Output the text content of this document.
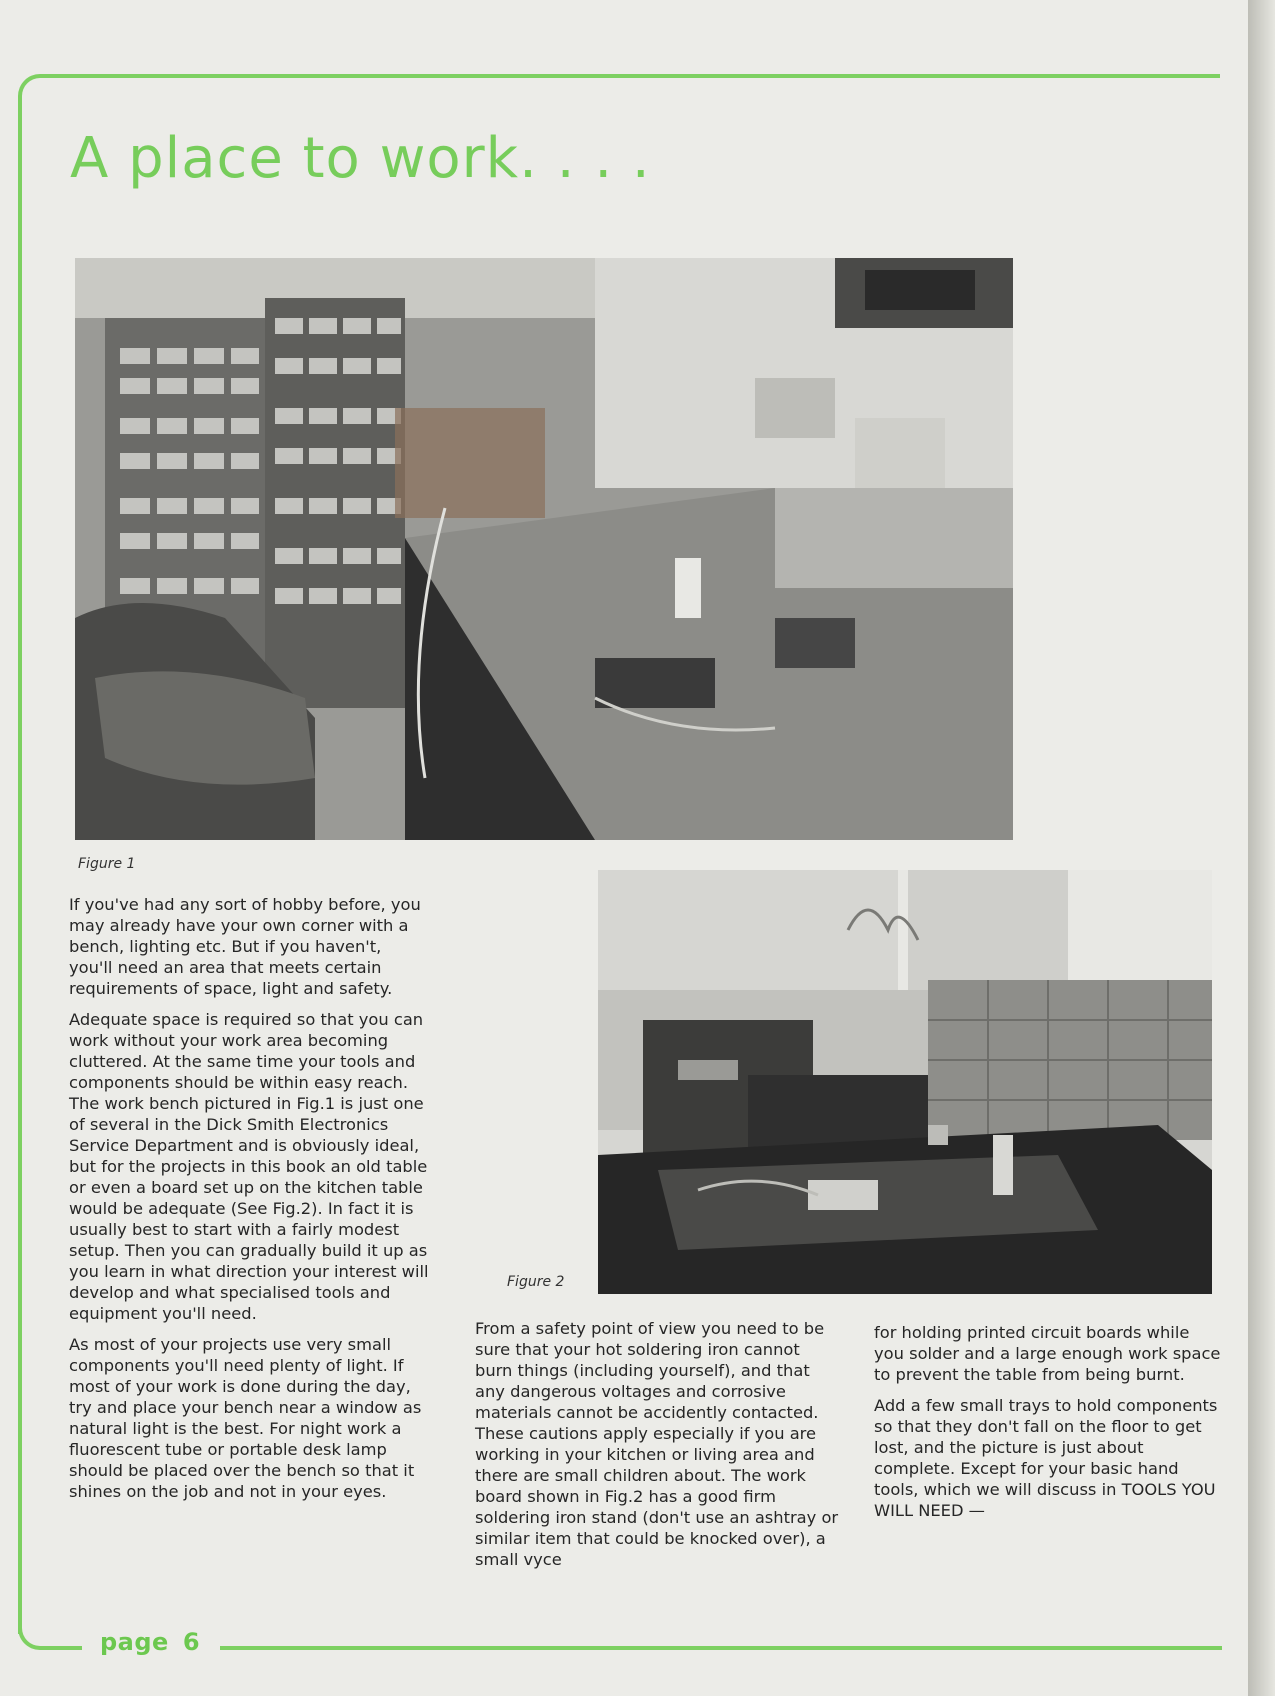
A place to work. . . .
Figure 1
Figure 2

If you've had any sort of hobby before, you may already have your own corner with a bench, lighting etc. But if you haven't, you'll need an area that meets certain requirements of space, light and safety.

Adequate space is required so that you can work without your work area becoming cluttered. At the same time your tools and components should be within easy reach. The work bench pictured in Fig.1 is just one of several in the Dick Smith Electronics Service Department and is obviously ideal, but for the projects in this book an old table or even a board set up on the kitchen table would be adequate (See Fig.2). In fact it is usually best to start with a fairly modest setup. Then you can gradually build it up as you learn in what direction your interest will develop and what specialised tools and equipment you'll need.

As most of your projects use very small components you'll need plenty of light. If most of your work is done during the day, try and place your bench near a window as natural light is the best. For night work a fluorescent tube or portable desk lamp should be placed over the bench so that it shines on the job and not in your eyes.

From a safety point of view you need to be sure that your hot soldering iron cannot burn things (including yourself), and that any dangerous voltages and corrosive materials cannot be accidently contacted. These cautions apply especially if you are working in your kitchen or living area and there are small children about. The work board shown in Fig.2 has a good firm soldering iron stand (don't use an ashtray or similar item that could be knocked over), a small vyce

for holding printed circuit boards while you solder and a large enough work space to prevent the table from being burnt.

Add a few small trays to hold components so that they don't fall on the floor to get lost, and the picture is just about complete. Except for your basic hand tools, which we will discuss in TOOLS YOU WILL NEED —

page 6
